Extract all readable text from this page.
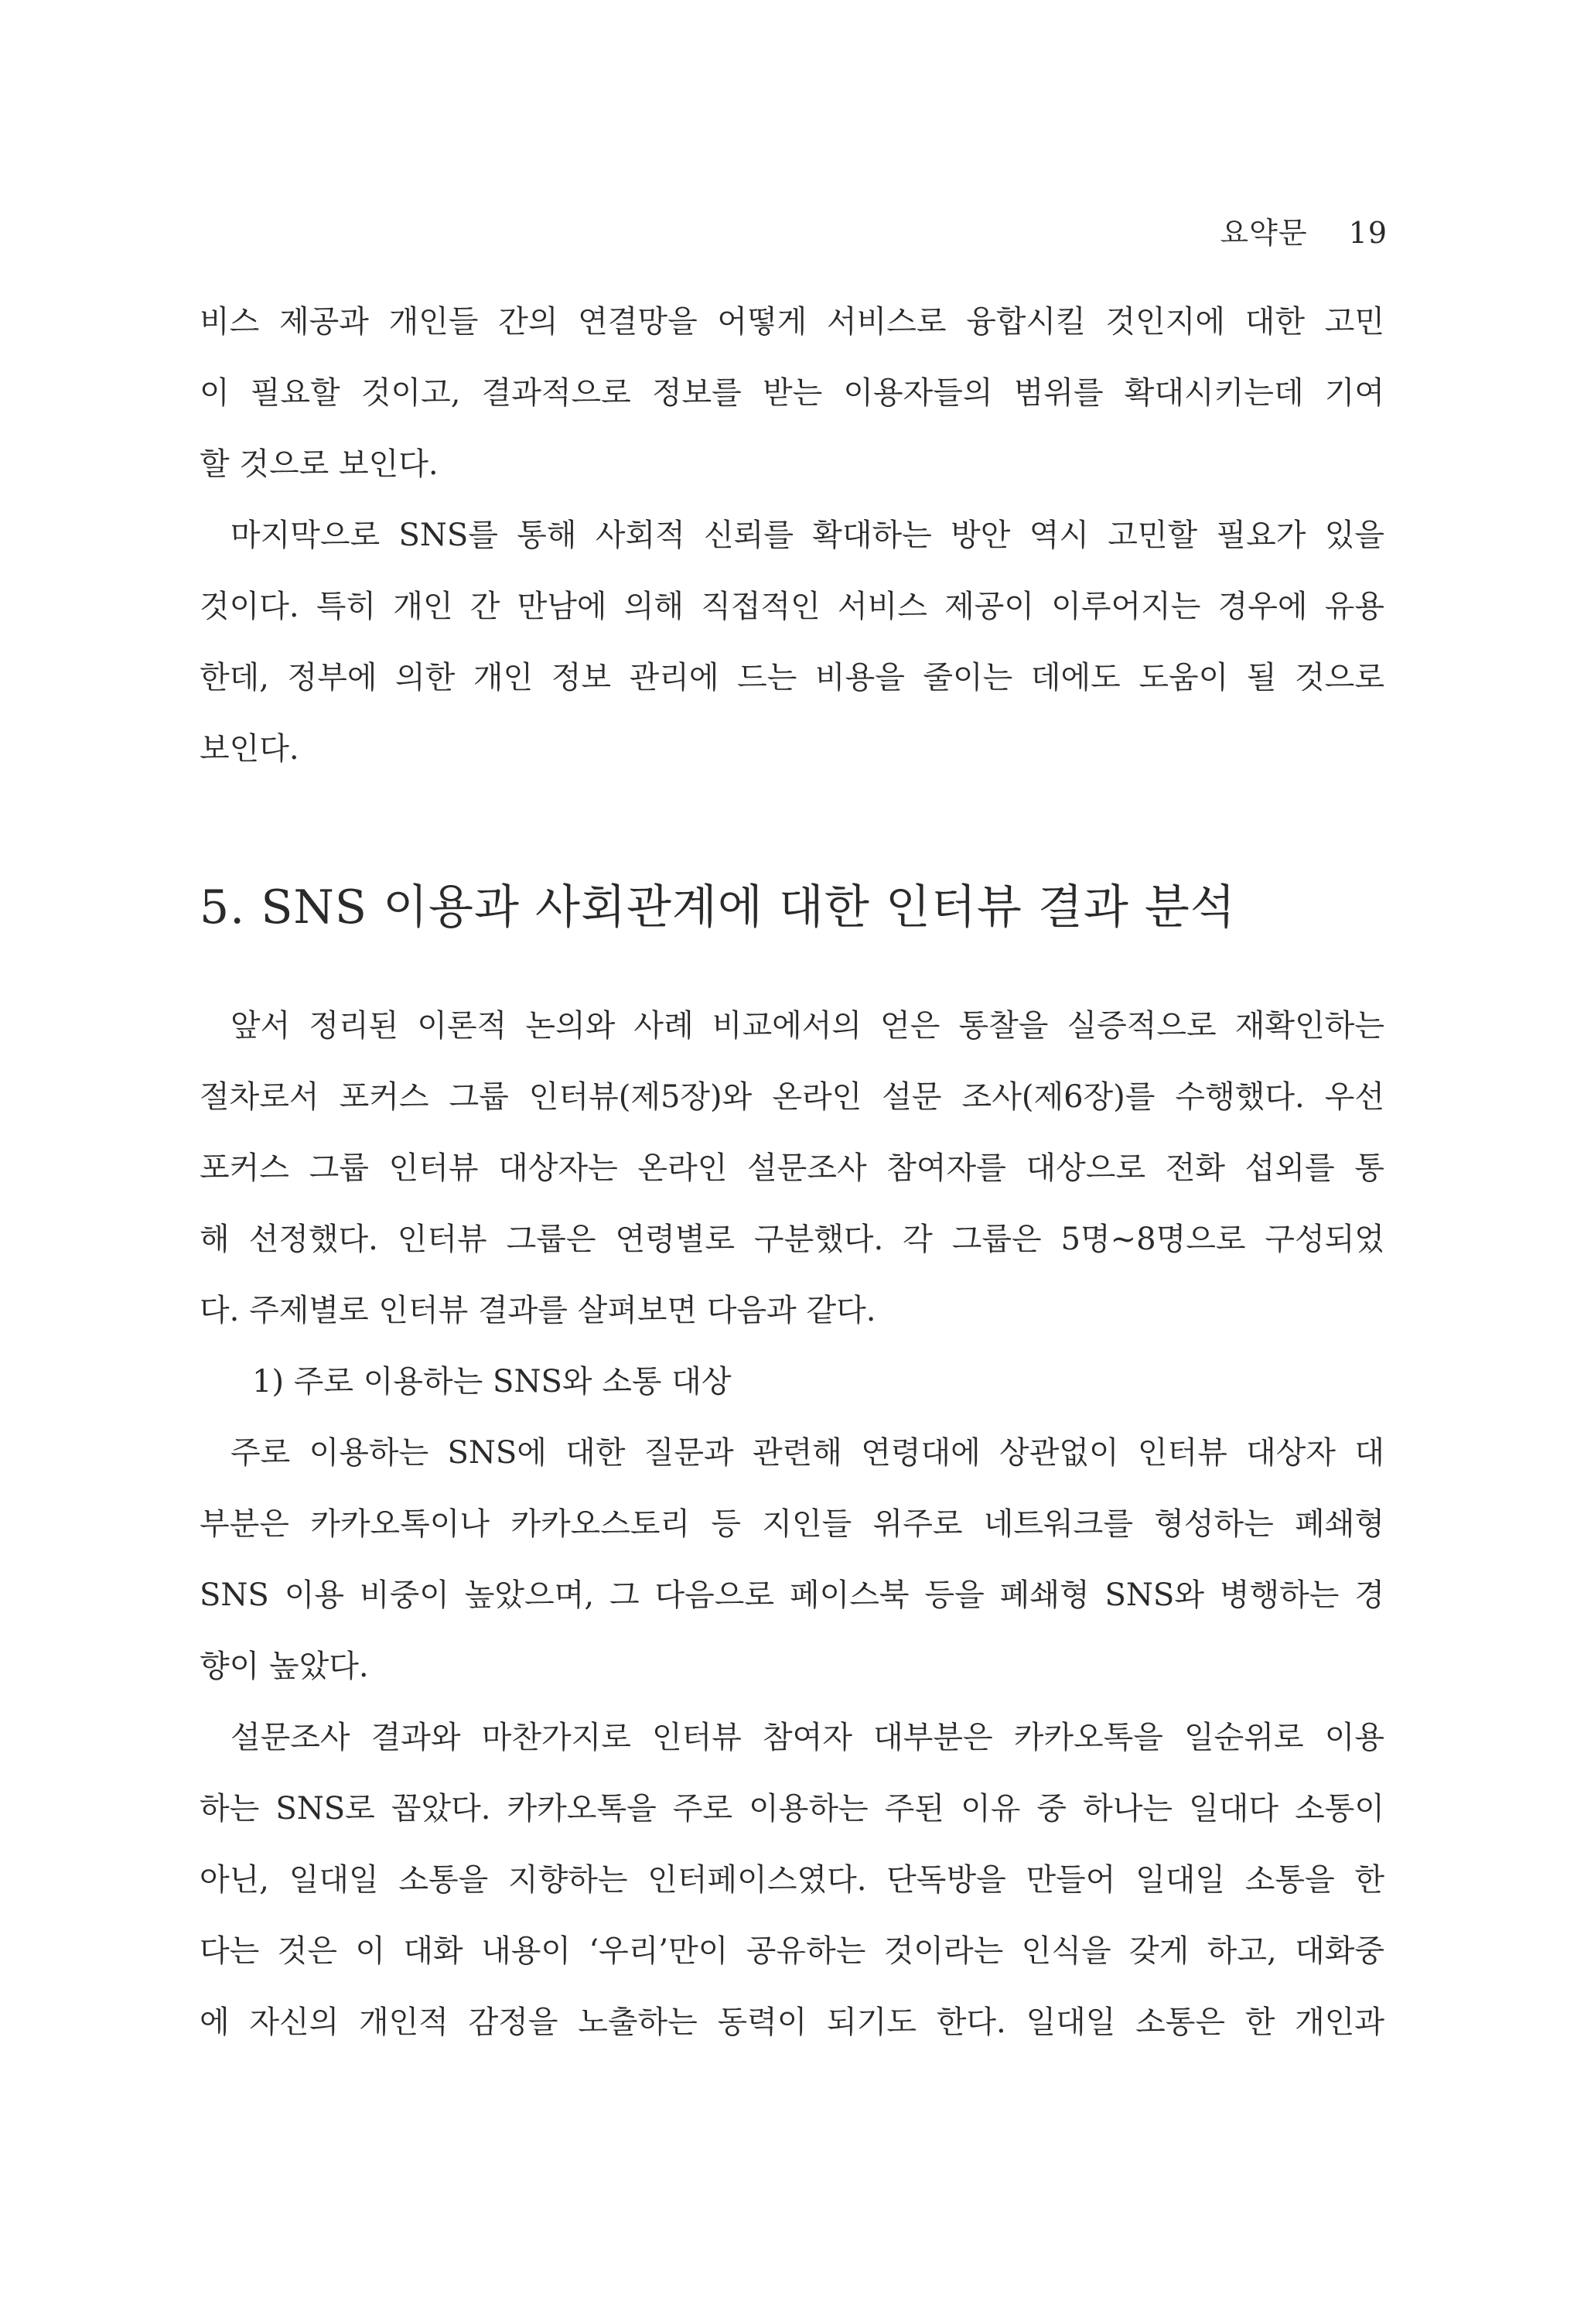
요약문 19
비스 제공과 개인들 간의 연결망을 어떻게 서비스로 융합시킬 것인지에 대한 고민
이 필요할 것이고, 결과적으로 정보를 받는 이용자들의 범위를 확대시키는데 기여
할 것으로 보인다.
마지막으로 SNS를 통해 사회적 신뢰를 확대하는 방안 역시 고민할 필요가 있을
것이다. 특히 개인 간 만남에 의해 직접적인 서비스 제공이 이루어지는 경우에 유용
한데, 정부에 의한 개인 정보 관리에 드는 비용을 줄이는 데에도 도움이 될 것으로
보인다.
5. SNS 이용과 사회관계에 대한 인터뷰 결과 분석
앞서 정리된 이론적 논의와 사례 비교에서의 얻은 통찰을 실증적으로 재확인하는
절차로서 포커스 그룹 인터뷰(제5장)와 온라인 설문 조사(제6장)를 수행했다. 우선
포커스 그룹 인터뷰 대상자는 온라인 설문조사 참여자를 대상으로 전화 섭외를 통
해 선정했다. 인터뷰 그룹은 연령별로 구분했다. 각 그룹은 5명~8명으로 구성되었
다. 주제별로 인터뷰 결과를 살펴보면 다음과 같다.
1) 주로 이용하는 SNS와 소통 대상
주로 이용하는 SNS에 대한 질문과 관련해 연령대에 상관없이 인터뷰 대상자 대
부분은 카카오톡이나 카카오스토리 등 지인들 위주로 네트워크를 형성하는 폐쇄형
SNS 이용 비중이 높았으며, 그 다음으로 페이스북 등을 폐쇄형 SNS와 병행하는 경
향이 높았다.
설문조사 결과와 마찬가지로 인터뷰 참여자 대부분은 카카오톡을 일순위로 이용
하는 SNS로 꼽았다. 카카오톡을 주로 이용하는 주된 이유 중 하나는 일대다 소통이
아닌, 일대일 소통을 지향하는 인터페이스였다. 단독방을 만들어 일대일 소통을 한
다는 것은 이 대화 내용이 ‘우리’만이 공유하는 것이라는 인식을 갖게 하고, 대화중
에 자신의 개인적 감정을 노출하는 동력이 되기도 한다. 일대일 소통은 한 개인과
